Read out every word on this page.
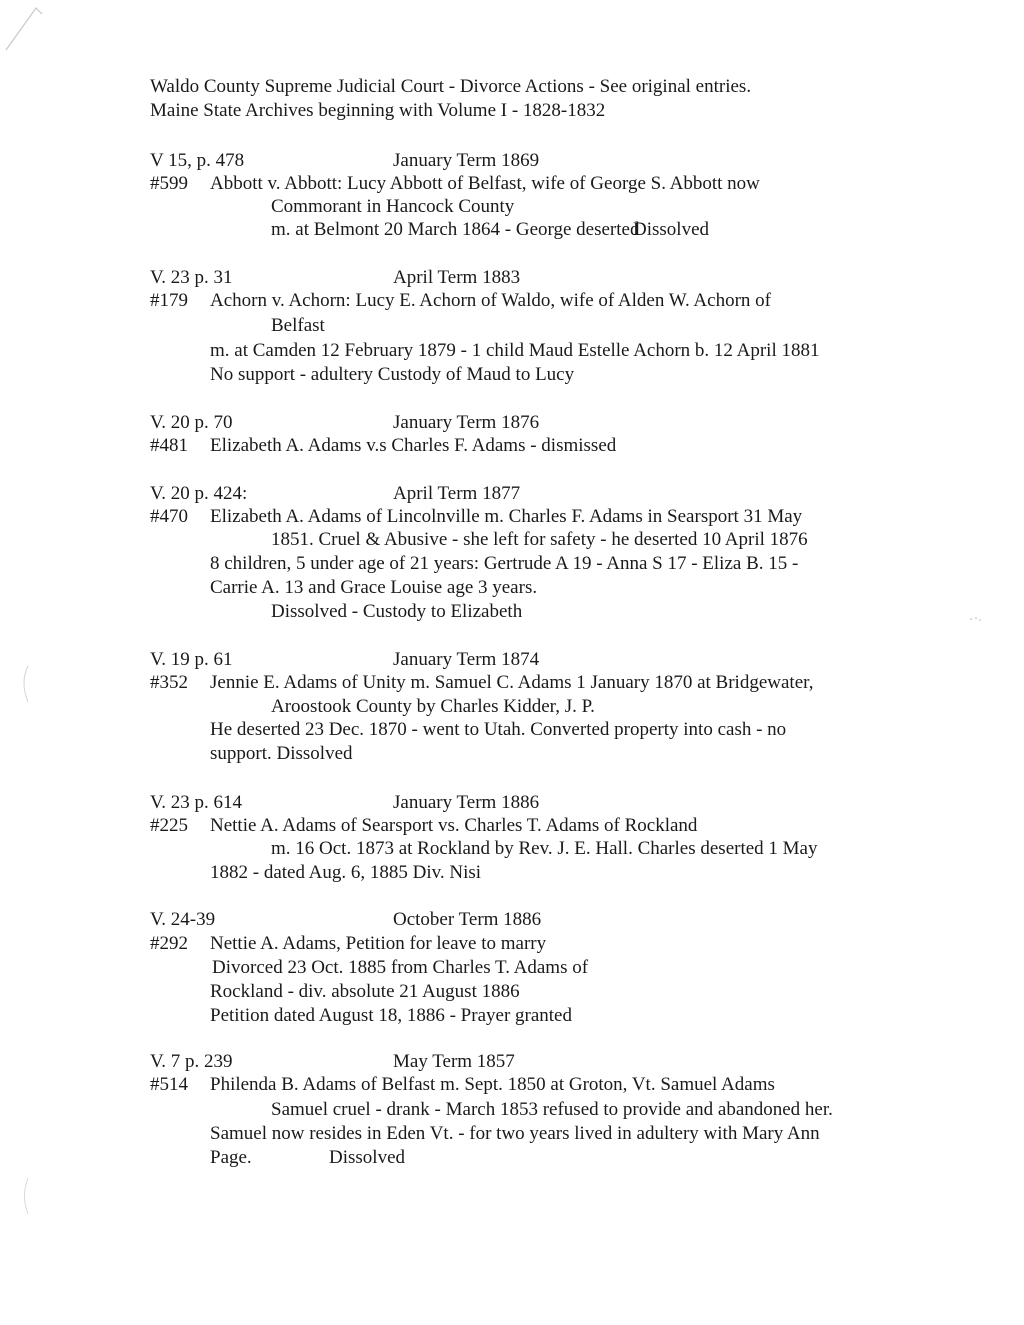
Waldo County Supreme Judicial Court - Divorce Actions - See original entries.
Maine State Archives beginning with Volume I - 1828-1832
V 15, p. 478	January Term 1869
#599 Abbott v. Abbott: Lucy Abbott of Belfast, wife of George S. Abbott now
Commorant in Hancock County
m. at Belmont 20 March 1864 - George deserted
Dissolved
V. 23 p. 31	April Term 1883
#179 Achorn v. Achorn: Lucy E. Achorn of Waldo, wife of Alden W. Achorn of
Belfast
m. at Camden 12 February 1879 - 1 child Maud Estelle Achorn b. 12 April 1881
No support - adultery Custody of Maud to Lucy
V. 20 p. 70	January Term 1876
#481 Elizabeth A. Adams v.s Charles F. Adams - dismissed
V. 20 p. 424:	April Term 1877
#470 Elizabeth A. Adams of Lincolnville m. Charles F. Adams in Searsport 31 May
1851. Cruel & Abusive - she left for safety - he deserted 10 April 1876
8 children, 5 under age of 21 years: Gertrude A 19 - Anna S 17 - Eliza B. 15 -
Carrie A. 13 and Grace Louise age 3 years.
Dissolved - Custody to Elizabeth
V. 19 p. 61	January Term 1874
#352 Jennie E. Adams of Unity m. Samuel C. Adams 1 January 1870 at Bridgewater,
Aroostook County by Charles Kidder, J. P.
He deserted 23 Dec. 1870 - went to Utah. Converted property into cash - no
support. Dissolved
V. 23 p. 614	January Term 1886
#225 Nettie A. Adams of Searsport vs. Charles T. Adams of Rockland
m. 16 Oct. 1873 at Rockland by Rev. J. E. Hall. Charles deserted 1 May
1882 - dated Aug. 6, 1885 Div. Nisi
V. 24-39	October Term 1886
#292 Nettie A. Adams, Petition for leave to marry
Divorced 23 Oct. 1885 from Charles T. Adams of
Rockland - div. absolute 21 August 1886
Petition dated August 18, 1886 - Prayer granted
V. 7 p. 239	May Term 1857
#514 Philenda B. Adams of Belfast m. Sept. 1850 at Groton, Vt. Samuel Adams
Samuel cruel - drank - March 1853 refused to provide and abandoned her.
Samuel now resides in Eden Vt. - for two years lived in adultery with Mary Ann
Page.	Dissolved
